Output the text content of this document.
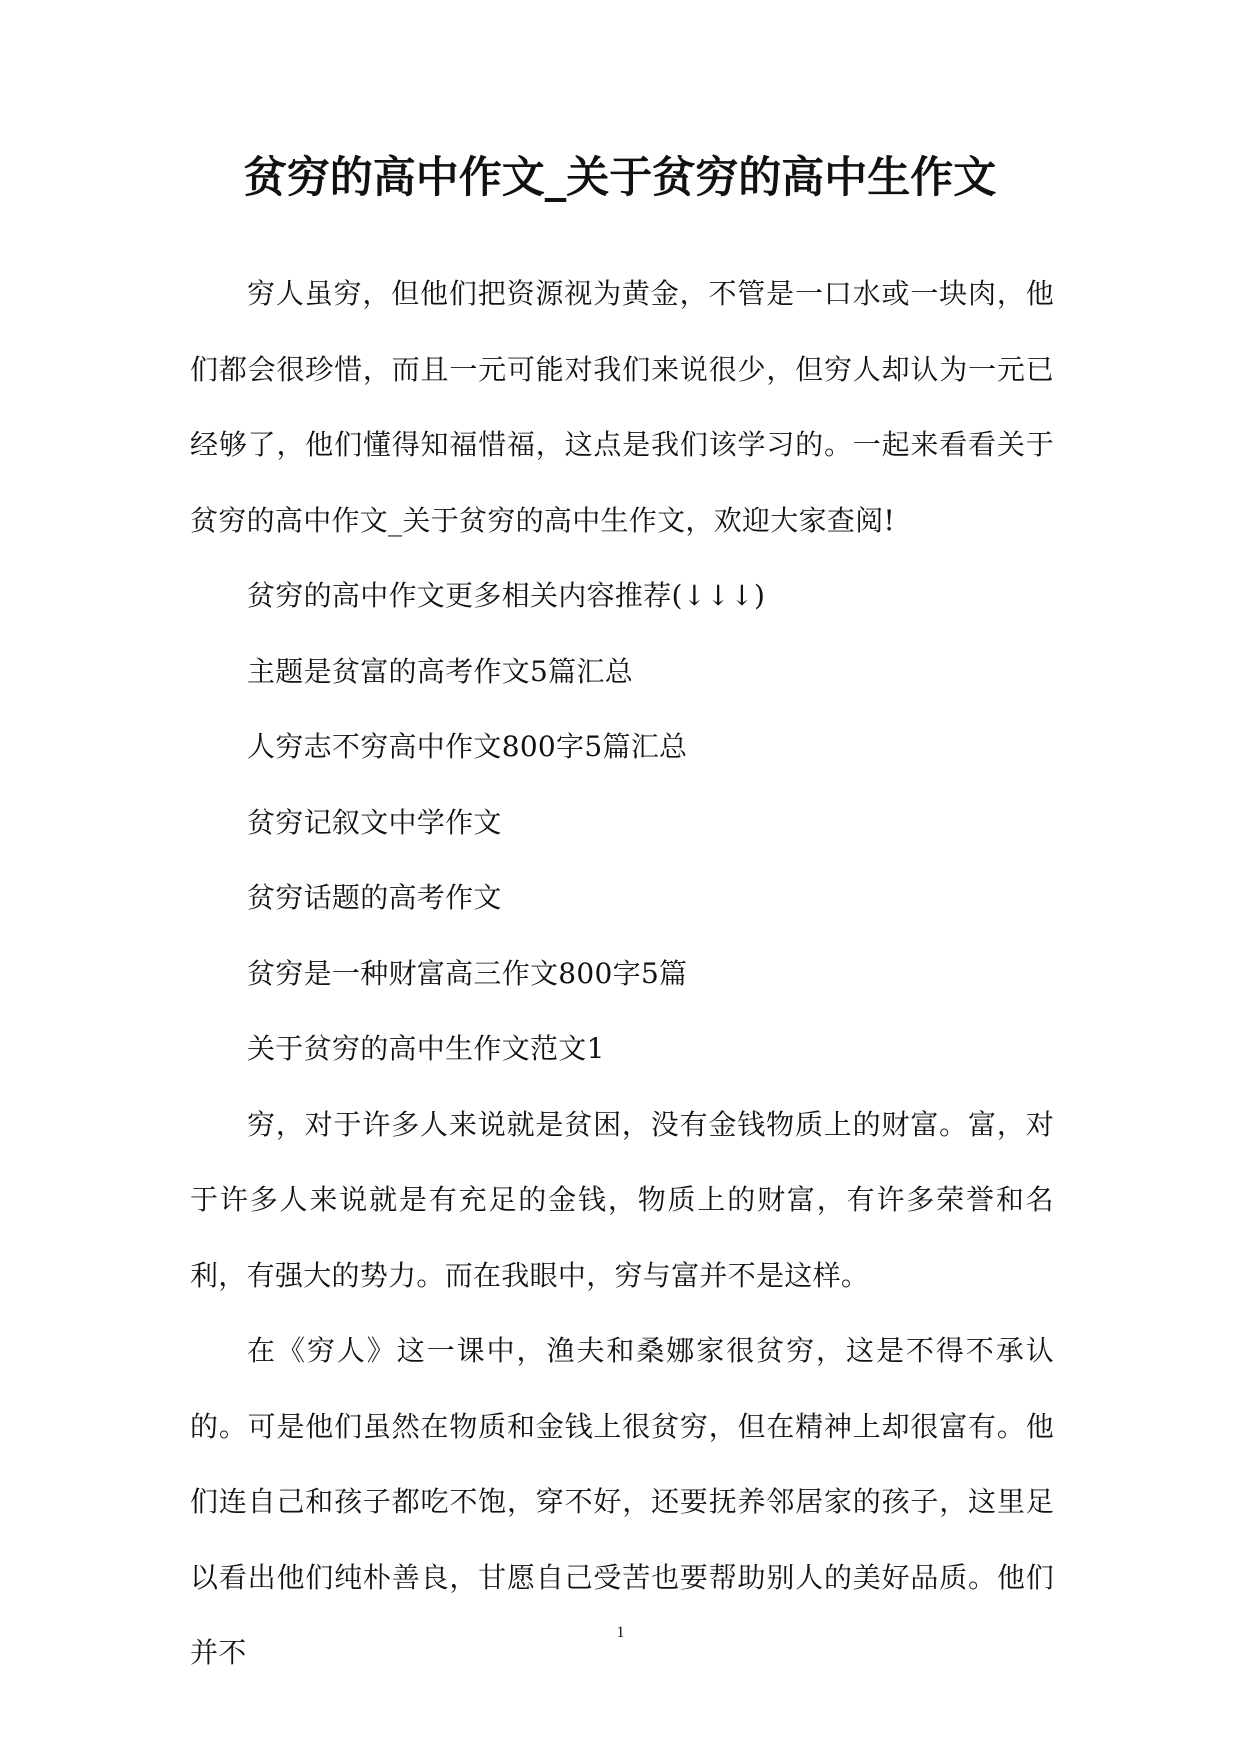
贫穷的高中作文_关于贫穷的高中生作文

穷人虽穷，但他们把资源视为黄金，不管是一口水或一块肉，他们都会很珍惜，而且一元可能对我们来说很少，但穷人却认为一元已经够了，他们懂得知福惜福，这点是我们该学习的。一起来看看关于贫穷的高中作文_关于贫穷的高中生作文，欢迎大家查阅!

贫穷的高中作文更多相关内容推荐(↓↓↓)

主题是贫富的高考作文5篇汇总

人穷志不穷高中作文800字5篇汇总

贫穷记叙文中学作文

贫穷话题的高考作文

贫穷是一种财富高三作文800字5篇

关于贫穷的高中生作文范文1

穷，对于许多人来说就是贫困，没有金钱物质上的财富。富，对于许多人来说就是有充足的金钱，物质上的财富，有许多荣誉和名利，有强大的势力。而在我眼中，穷与富并不是这样。

在《穷人》这一课中，渔夫和桑娜家很贫穷，这是不得不承认的。可是他们虽然在物质和金钱上很贫穷，但在精神上却很富有。他们连自己和孩子都吃不饱，穿不好，还要抚养邻居家的孩子，这里足以看出他们纯朴善良，甘愿自己受苦也要帮助别人的美好品质。他们并不

1
